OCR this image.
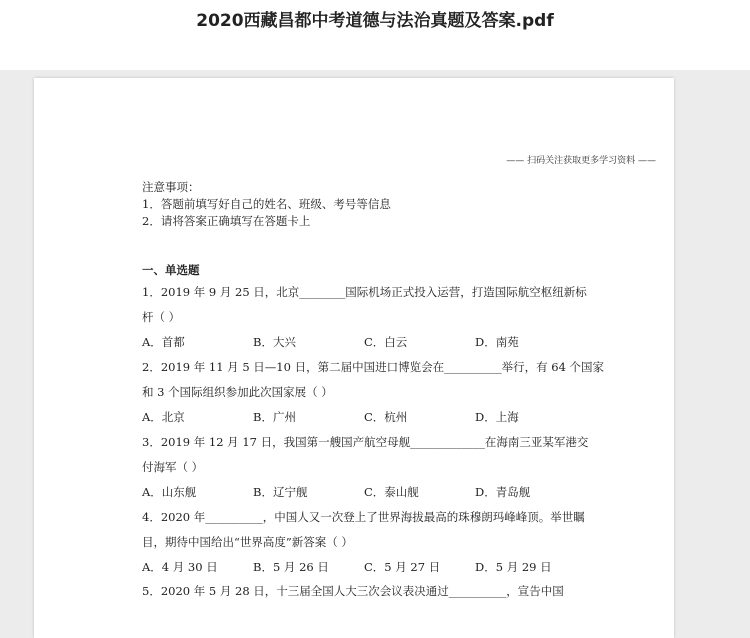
2020西藏昌都中考道德与法治真题及答案.pdf
—— 扫码关注获取更多学习资料 ——
注意事项：
1．答题前填写好自己的姓名、班级、考号等信息
2．请将答案正确填写在答题卡上
一、单选题
1．2019 年 9 月 25 日，北京________国际机场正式投入运营，打造国际航空枢纽新标
杆（ ）
A．首都	B．大兴	C．白云	D．南苑
2．2019 年 11 月 5 日—10 日，第二届中国进口博览会在__________举行，有 64 个国家
和 3 个国际组织参加此次国家展（ ）
A．北京	B．广州	C．杭州	D．上海
3．2019 年 12 月 17 日，我国第一艘国产航空母舰_____________在海南三亚某军港交
付海军（ ）
A．山东舰	B．辽宁舰	C．泰山舰	D．青岛舰
4．2020 年__________，中国人又一次登上了世界海拔最高的珠穆朗玛峰峰顶。举世瞩
目，期待中国给出“世界高度”新答案（ ）
A．4 月 30 日	B．5 月 26 日	C．5 月 27 日	D．5 月 29 日
5．2020 年 5 月 28 日，十三届全国人大三次会议表决通过__________，宣告中国
